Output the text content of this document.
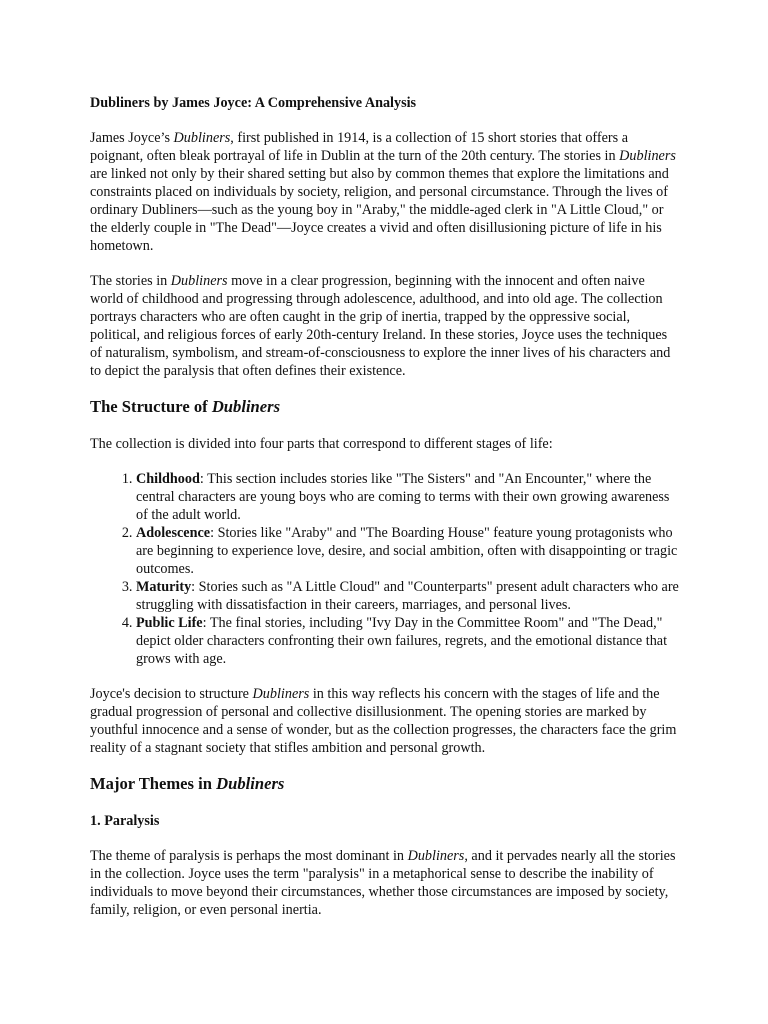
Dubliners by James Joyce: A Comprehensive Analysis

James Joyce’s Dubliners, first published in 1914, is a collection of 15 short stories that offers a poignant, often bleak portrayal of life in Dublin at the turn of the 20th century. The stories in Dubliners are linked not only by their shared setting but also by common themes that explore the limitations and constraints placed on individuals by society, religion, and personal circumstance. Through the lives of ordinary Dubliners—such as the young boy in "Araby," the middle-aged clerk in "A Little Cloud," or the elderly couple in "The Dead"—Joyce creates a vivid and often disillusioning picture of life in his hometown.

The stories in Dubliners move in a clear progression, beginning with the innocent and often naive world of childhood and progressing through adolescence, adulthood, and into old age. The collection portrays characters who are often caught in the grip of inertia, trapped by the oppressive social, political, and religious forces of early 20th-century Ireland. In these stories, Joyce uses the techniques of naturalism, symbolism, and stream-of-consciousness to explore the inner lives of his characters and to depict the paralysis that often defines their existence.

The Structure of Dubliners

The collection is divided into four parts that correspond to different stages of life:

1. Childhood: This section includes stories like "The Sisters" and "An Encounter," where the central characters are young boys who are coming to terms with their own growing awareness of the adult world.
2. Adolescence: Stories like "Araby" and "The Boarding House" feature young protagonists who are beginning to experience love, desire, and social ambition, often with disappointing or tragic outcomes.
3. Maturity: Stories such as "A Little Cloud" and "Counterparts" present adult characters who are struggling with dissatisfaction in their careers, marriages, and personal lives.
4. Public Life: The final stories, including "Ivy Day in the Committee Room" and "The Dead," depict older characters confronting their own failures, regrets, and the emotional distance that grows with age.

Joyce's decision to structure Dubliners in this way reflects his concern with the stages of life and the gradual progression of personal and collective disillusionment. The opening stories are marked by youthful innocence and a sense of wonder, but as the collection progresses, the characters face the grim reality of a stagnant society that stifles ambition and personal growth.

Major Themes in Dubliners
1. Paralysis

The theme of paralysis is perhaps the most dominant in Dubliners, and it pervades nearly all the stories in the collection. Joyce uses the term "paralysis" in a metaphorical sense to describe the inability of individuals to move beyond their circumstances, whether those circumstances are imposed by society, family, religion, or even personal inertia.
